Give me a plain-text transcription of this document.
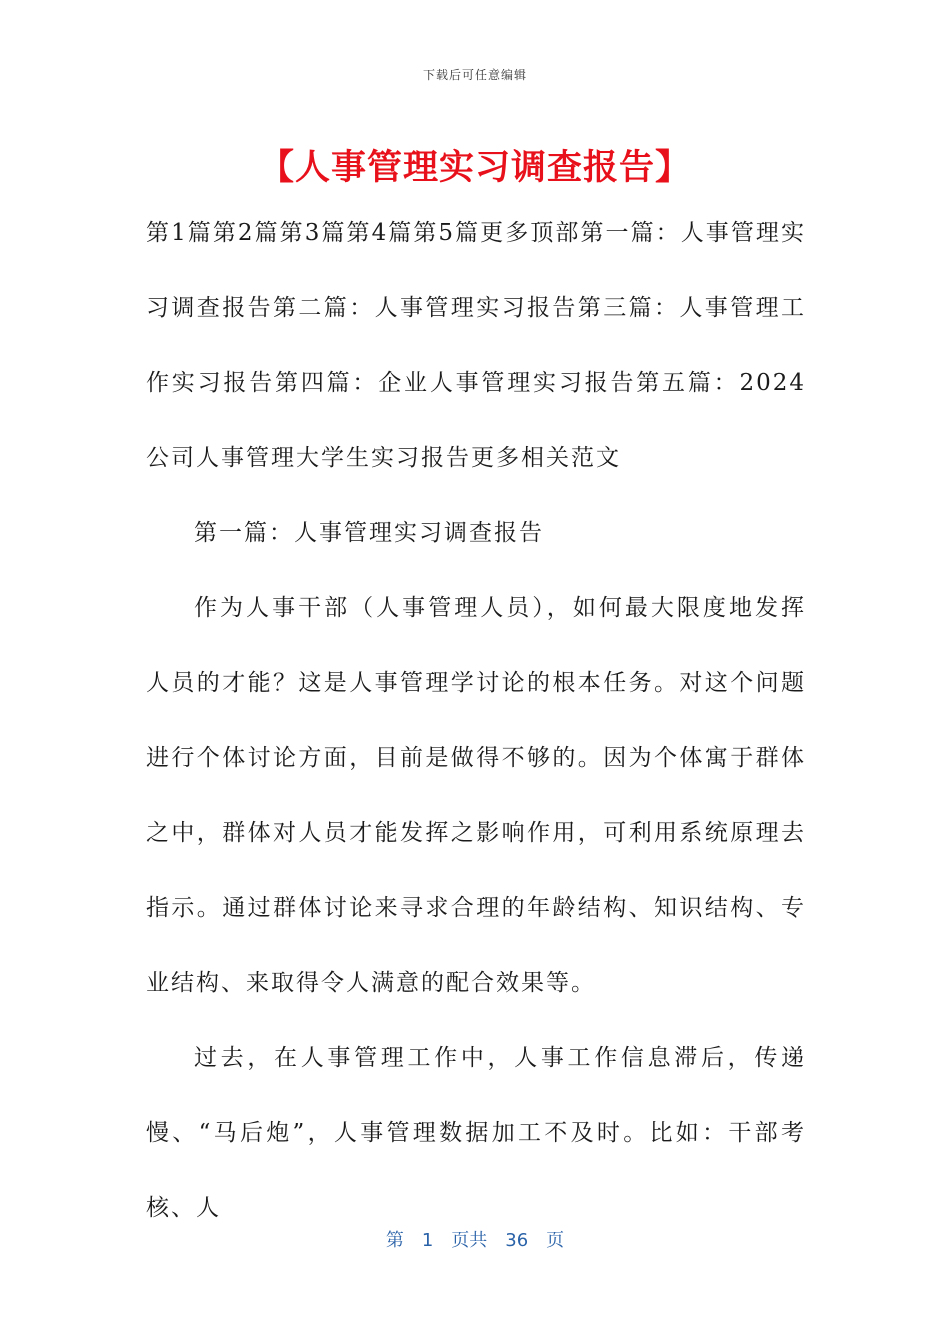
下载后可任意编辑
【人事管理实习调查报告】

第1篇第2篇第3篇第4篇第5篇更多顶部第一篇：人事管理实习调查报告第二篇：人事管理实习报告第三篇：人事管理工作实习报告第四篇：企业人事管理实习报告第五篇：2024公司人事管理大学生实习报告更多相关范文

第一篇：人事管理实习调查报告

作为人事干部（人事管理人员），如何最大限度地发挥人员的才能？这是人事管理学讨论的根本任务。对这个问题进行个体讨论方面，目前是做得不够的。因为个体寓于群体之中，群体对人员才能发挥之影响作用，可利用系统原理去指示。通过群体讨论来寻求合理的年龄结构、知识结构、专业结构、来取得令人满意的配合效果等。

过去，在人事管理工作中，人事工作信息滞后，传递慢、“马后炮”，人事管理数据加工不及时。比如：干部考核、人

第 1 页共 36 页
